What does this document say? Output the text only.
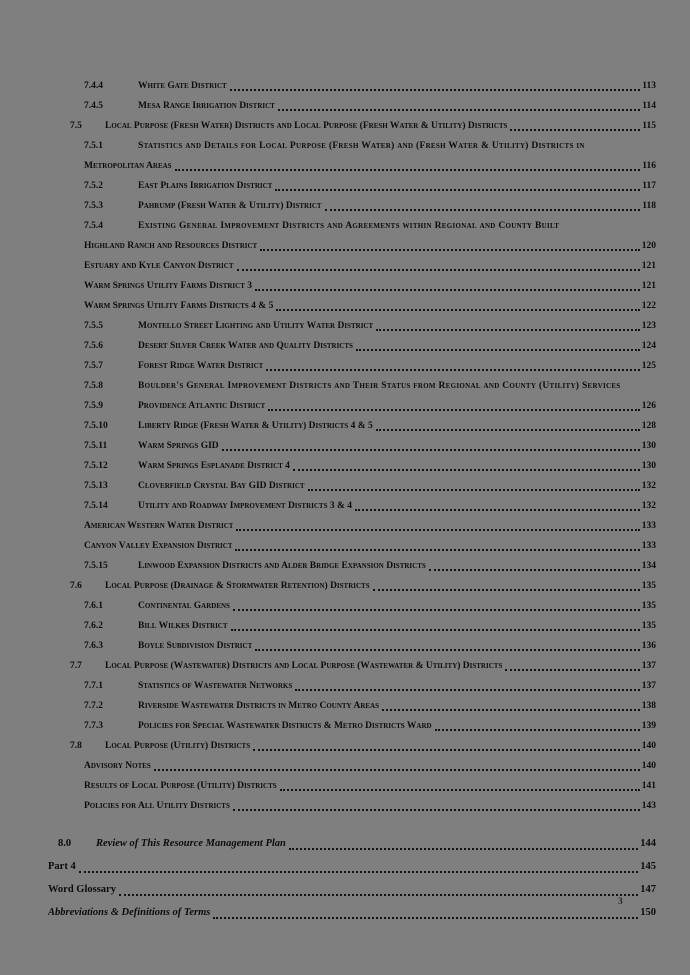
7.4.4	White Gate District	113
7.4.5	Mesa Range Irrigation District	114
7.5	Local Purpose (Fresh Water) Districts and Local Purpose (Fresh Water & Utility) Districts	115
7.5.1	Statistics and Details for Local Purpose (Fresh Water) and (Fresh Water & Utility) Districts in
Metropolitan Areas	116
7.5.2	East Plains Irrigation District	117
7.5.3	Pahrump (Fresh Water & Utility) District	118
7.5.4	Existing General Improvement Districts and Agreements within Regional and County Built
Highland Ranch and Resources District	120
Estuary and Kyle Canyon District	121
Warm Springs Utility Farms District 3	121
Warm Springs Utility Farms Districts 4 & 5	122
7.5.5	Montello Street Lighting and Utility Water District	123
7.5.6	Desert Silver Creek Water and Quality Districts	124
7.5.7	Forest Ridge Water District	125
7.5.8	Boulder's General Improvement Districts and Their Status from Regional and County (Utility) Services
7.5.9	Providence Atlantic District	126
7.5.10	Liberty Ridge (Fresh Water & Utility) Districts 4 & 5	128
7.5.11	Warm Springs GID	130
7.5.12	Warm Springs Esplanade District 4	130
7.5.13	Cloverfield Crystal Bay GID District	132
7.5.14	Utility and Roadway Improvement Districts 3 & 4	132
American Western Water District	133
Canyon Valley Expansion District	133
7.5.15	Linwood Expansion Districts and Alder Bridge Expansion Districts	134
7.6	Local Purpose (Drainage & Stormwater Retention) Districts	135
7.6.1	Continental Gardens	135
7.6.2	Bill Wilkes District	135
7.6.3	Boyle Subdivision District	136
7.7	Local Purpose (Wastewater) Districts and Local Purpose (Wastewater & Utility) Districts	137
7.7.1	Statistics of Wastewater Networks	137
7.7.2	Riverside Wastewater Districts in Metro County Areas	138
7.7.3	Policies for Special Wastewater Districts & Metro Districts Ward	139
7.8	Local Purpose (Utility) Districts	140
Advisory Notes	140
Results of Local Purpose (Utility) Districts	141
Policies for All Utility Districts	143
8.0	Review of This Resource Management Plan	144
Part 4	145
Word Glossary	147
Abbreviations & Definitions of Terms	150
3
